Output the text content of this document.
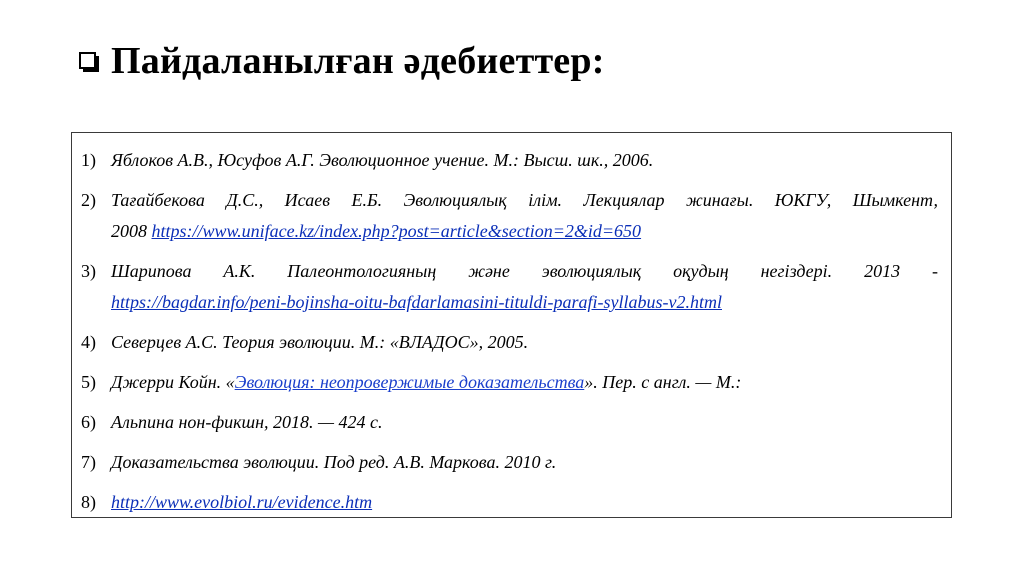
Пайдаланылған әдебиеттер:
1) Яблоков А.В., Юсуфов А.Г. Эволюционное учение. М.: Высш. шк., 2006.
2) Тағайбекова Д.С., Исаев Е.Б. Эволюциялық ілім. Лекциялар жинағы. ЮКГУ, Шымкент,
2008 https://www.uniface.kz/index.php?post=article&section=2&id=650
3) Шарипова А.К. Палеонтологияның және эволюциялық оқудың негіздері. 2013 -
https://bagdar.info/peni-bojinsha-oitu-bafdarlamasini-tituldi-parafi-syllabus-v2.html
4) Северцев А.С. Теория эволюции. М.: «ВЛАДОС», 2005.
5) Джерри Койн. «Эволюция: неопровержимые доказательства». Пер. с англ. — М.:
6) Альпина нон-фикшн, 2018. — 424 с.
7) Доказательства эволюции. Под ред. А.В. Маркова. 2010 г.
8) http://www.evolbiol.ru/evidence.htm
